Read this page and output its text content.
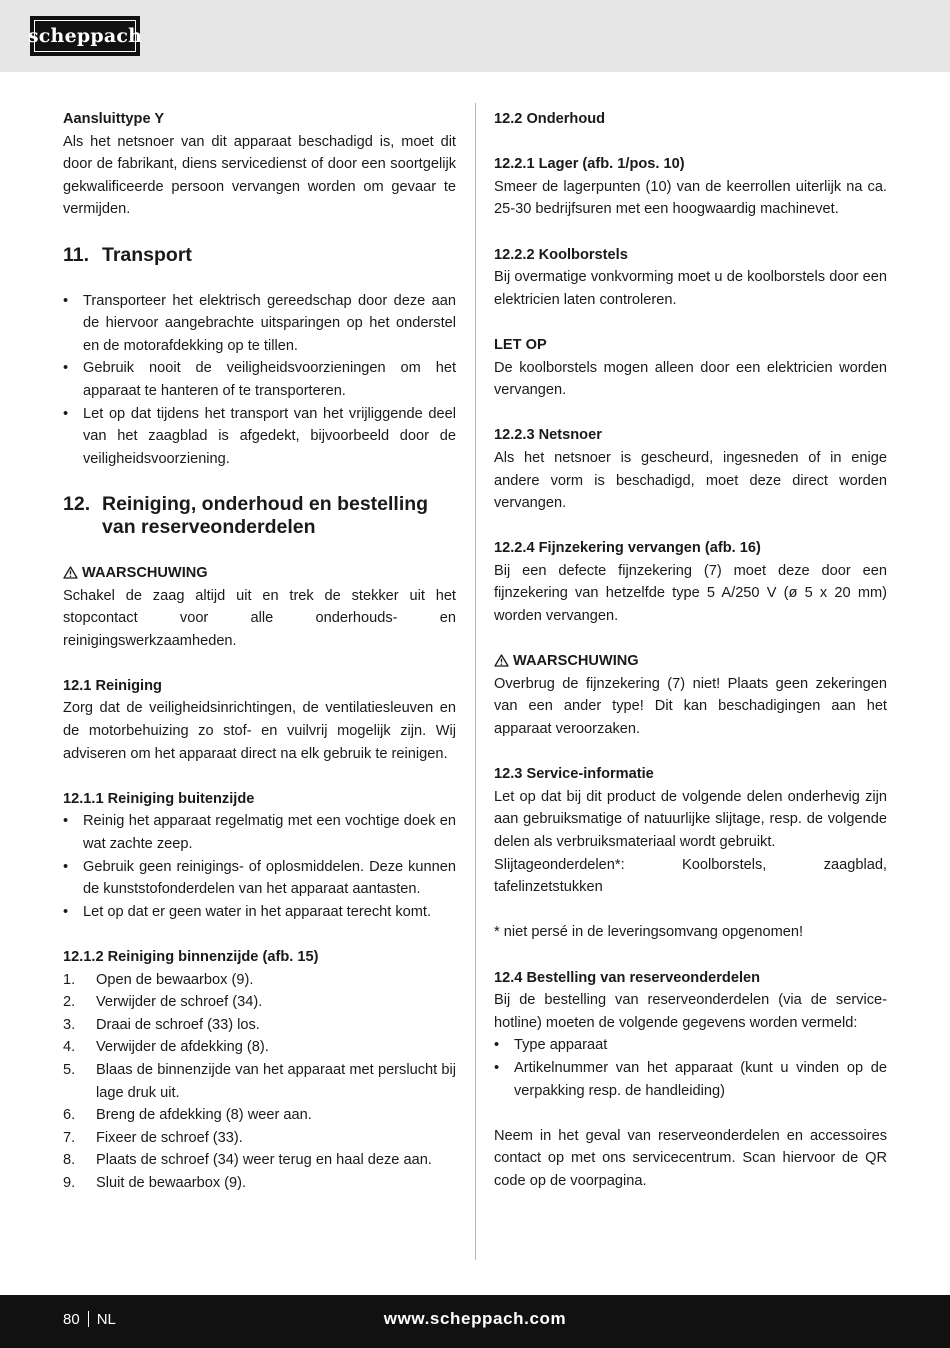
scheppach

Aansluittype Y

Als het netsnoer van dit apparaat beschadigd is, moet dit door de fabrikant, diens servicedienst of door een soortgelijk gekwalificeerde persoon vervangen worden om gevaar te vermijden.

11. Transport
• Transporteer het elektrisch gereedschap door deze aan de hiervoor aangebrachte uitsparingen op het onderstel en de motorafdekking op te tillen.
• Gebruik nooit de veiligheidsvoorzieningen om het apparaat te hanteren of te transporteren.
• Let op dat tijdens het transport van het vrijliggende deel van het zaagblad is afgedekt, bijvoorbeeld door de veiligheidsvoorziening.
12. Reiniging, onderhoud en bestelling van reserveonderdelen

WAARSCHUWING

Schakel de zaag altijd uit en trek de stekker uit het stopcontact voor alle onderhouds- en reinigingswerkzaamheden.

12.1 Reiniging

Zorg dat de veiligheidsinrichtingen, de ventilatiesleuven en de motorbehuizing zo stof- en vuilvrij mogelijk zijn. Wij adviseren om het apparaat direct na elk gebruik te reinigen.

12.1.1 Reiniging buitenzijde

• Reinig het apparaat regelmatig met een vochtige doek en wat zachte zeep.
• Gebruik geen reinigings- of oplosmiddelen. Deze kunnen de kunststofonderdelen van het apparaat aantasten.
• Let op dat er geen water in het apparaat terecht komt.

12.1.2 Reiniging binnenzijde (afb. 15)

1. Open de bewaarbox (9).
2. Verwijder de schroef (34).
3. Draai de schroef (33) los.
4. Verwijder de afdekking (8).
5. Blaas de binnenzijde van het apparaat met perslucht bij lage druk uit.
6. Breng de afdekking (8) weer aan.
7. Fixeer de schroef (33).
8. Plaats de schroef (34) weer terug en haal deze aan.
9. Sluit de bewaarbox (9).

12.2 Onderhoud

12.2.1 Lager (afb. 1/pos. 10)

Smeer de lagerpunten (10) van de keerrollen uiterlijk na ca. 25-30 bedrijfsuren met een hoogwaardig machinevet.

12.2.2 Koolborstels

Bij overmatige vonkvorming moet u de koolborstels door een elektricien laten controleren.

LET OP

De koolborstels mogen alleen door een elektricien worden vervangen.

12.2.3 Netsnoer

Als het netsnoer is gescheurd, ingesneden of in enige andere vorm is beschadigd, moet deze direct worden vervangen.

12.2.4 Fijnzekering vervangen (afb. 16)

Bij een defecte fijnzekering (7) moet deze door een fijnzekering van hetzelfde type 5 A/250 V (ø 5 x 20 mm) worden vervangen.

WAARSCHUWING

Overbrug de fijnzekering (7) niet! Plaats geen zekeringen van een ander type! Dit kan beschadigingen aan het apparaat veroorzaken.

12.3 Service-informatie

Let op dat bij dit product de volgende delen onderhevig zijn aan gebruiksmatige of natuurlijke slijtage, resp. de volgende delen als verbruiksmateriaal wordt gebruikt.

Slijtageonderdelen*: Koolborstels, zaagblad, tafelinzetstukken

* niet persé in de leveringsomvang opgenomen!

12.4 Bestelling van reserveonderdelen

Bij de bestelling van reserveonderdelen (via de service-hotline) moeten de volgende gegevens worden vermeld:

• Type apparaat
• Artikelnummer van het apparaat (kunt u vinden op de verpakking resp. de handleiding)

Neem in het geval van reserveonderdelen en accessoires contact op met ons servicecentrum. Scan hiervoor de QR code op de voorpagina.

80 NL	www.scheppach.com
